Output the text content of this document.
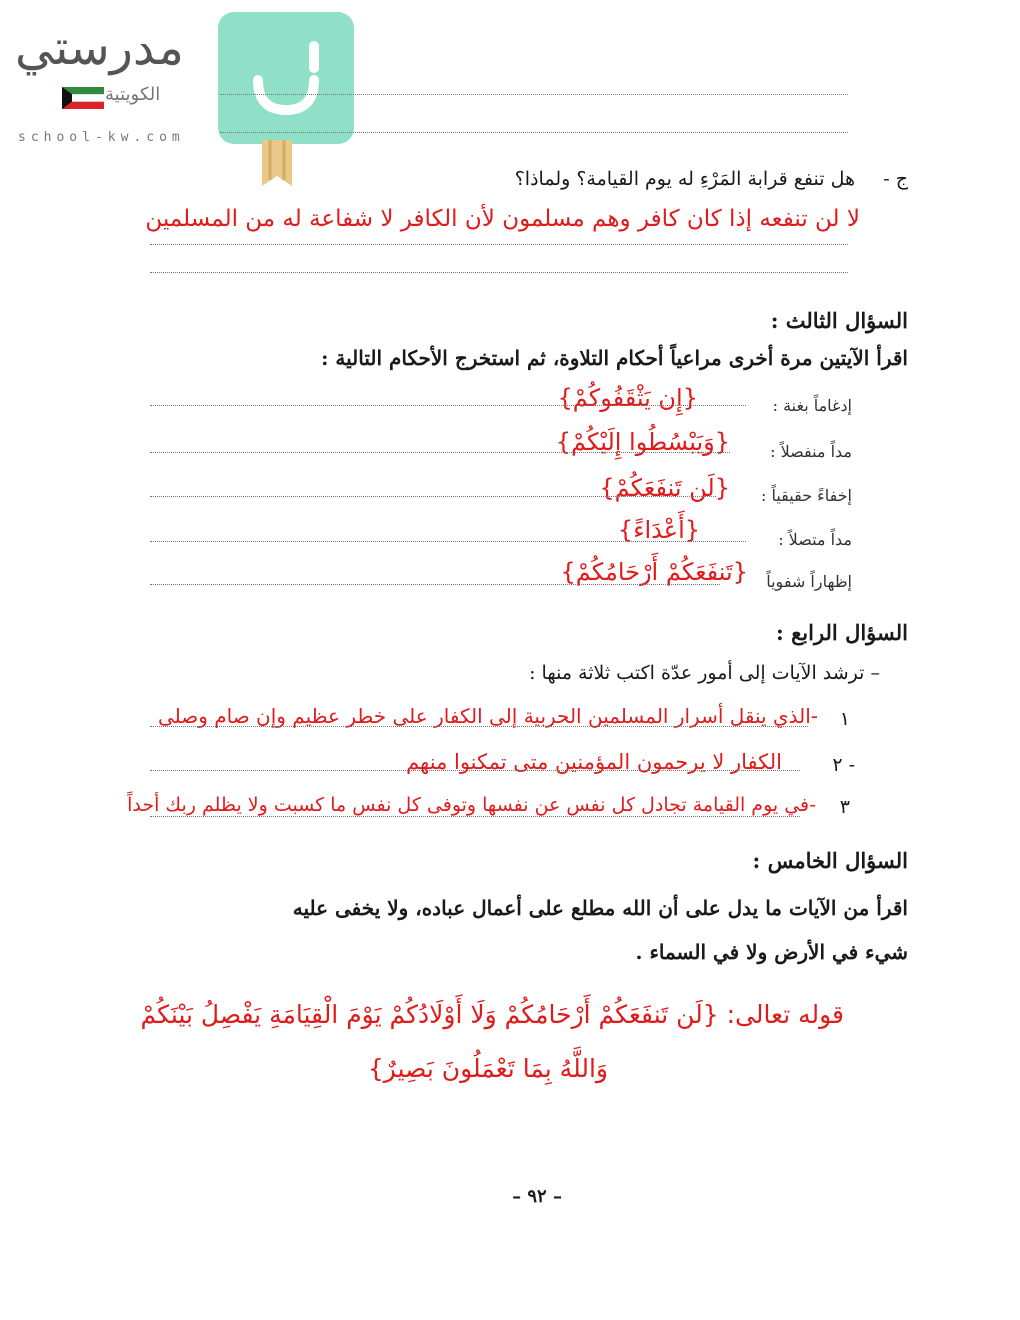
مدرستي
الكويتية
school-kw.com
ج -
هل تنفع قرابة المَرْءِ له يوم القيامة؟ ولماذا؟
لا لن تنفعه إذا كان كافر وهم مسلمون لأن الكافر لا شفاعة له من المسلمين
السؤال الثالث :
اقرأ الآيتين مرة أخرى مراعياً أحكام التلاوة، ثم استخرج الأحكام التالية :
إدغاماً بغنة :
{إِن يَثْقَفُوكُمْ}
مداً منفصلاً :
{وَيَبْسُطُوا إِلَيْكُمْ}
إخفاءً حقيقياً :
{لَن تَنفَعَكُمْ}
مداً متصلاً :
{أَعْدَاءً}
إظهاراً شفوياً
{تَنفَعَكُمْ أَرْحَامُكُمْ}
السؤال الرابع :
– ترشد الآيات إلى أمور عدّة اكتب ثلاثة منها :
١
-الذي ينقل أسرار المسلمين الحربية إلى الكفار على خطر عظيم وإن صام وصلى
٢ -
الكفار لا يرحمون المؤمنين متى تمكنوا منهم
٣
-في يوم القيامة تجادل كل نفس عن نفسها وتوفى كل نفس ما كسبت ولا يظلم ربك أحداً
السؤال الخامس :
اقرأ من الآيات ما يدل على أن الله مطلع على أعمال عباده، ولا يخفى عليه
شيء في الأرض ولا في السماء .
قوله تعالى: {لَن تَنفَعَكُمْ أَرْحَامُكُمْ وَلَا أَوْلَادُكُمْ يَوْمَ الْقِيَامَةِ يَفْصِلُ بَيْنَكُمْ
وَاللَّهُ بِمَا تَعْمَلُونَ بَصِيرٌ}
– ٩٢ –
